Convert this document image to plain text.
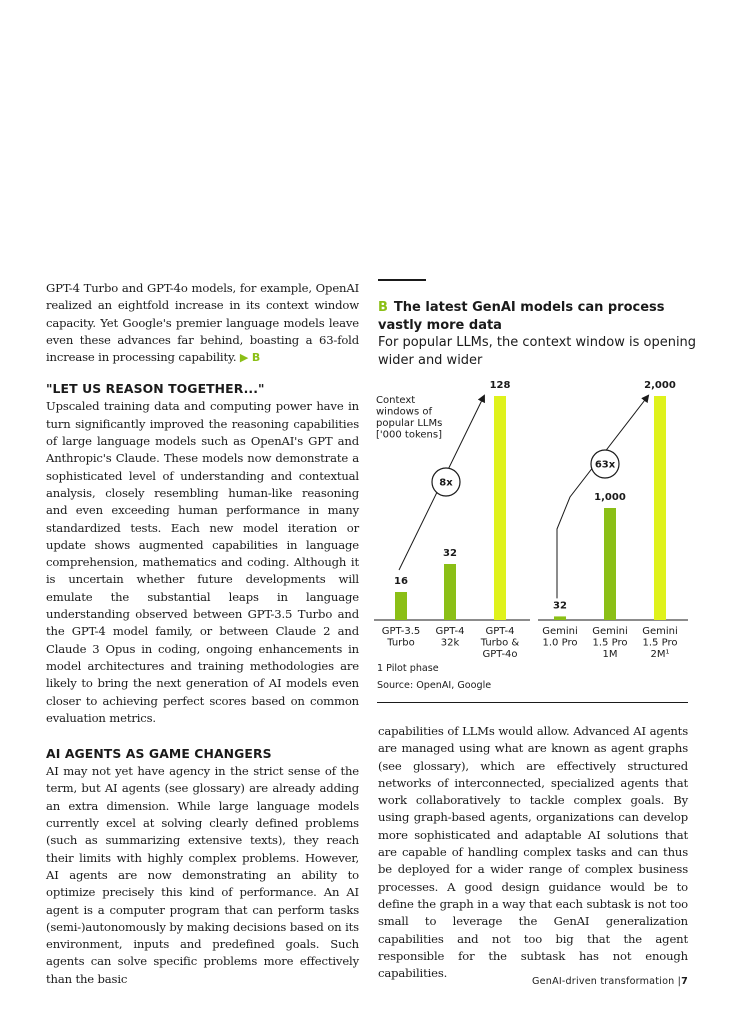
GPT-4 Turbo and GPT-4o models, for example, OpenAI realized an eightfold increase in its context window capacity. Yet Google's premier language models leave even these advances far behind, boasting a 63-fold increase in processing capability. ▶ B

"LET US REASON TOGETHER..."

Upscaled training data and computing power have in turn significantly improved the reasoning capabilities of large language models such as OpenAI's GPT and Anthropic's Claude. These models now demonstrate a sophisticated level of understanding and contextual analysis, closely resembling human-like reasoning and even exceeding human performance in many standardized tests. Each new model iteration or update shows augmented capabilities in language comprehension, mathematics and coding. Although it is uncertain whether future developments will emulate the substantial leaps in language understanding observed between GPT-3.5 Turbo and the GPT-4 model family, or between Claude 2 and Claude 3 Opus in coding, ongoing enhancements in model architectures and training methodologies are likely to bring the next generation of AI models even closer to achieving perfect scores based on common evaluation metrics.

AI AGENTS AS GAME CHANGERS

AI may not yet have agency in the strict sense of the term, but AI agents (see glossary) are already adding an extra dimension. While large language models currently excel at solving clearly defined problems (such as summarizing extensive texts), they reach their limits with highly complex problems. However, AI agents are now demonstrating an ability to optimize precisely this kind of performance. An AI agent is a computer program that can perform tasks (semi-)autonomously by making decisions based on its environment, inputs and predefined goals. Such agents can solve specific problems more effectively than the basic

B The latest GenAI models can process vastly more data
For popular LLMs, the context window is opening wider and wider
Context
windows of
popular LLMs
['000 tokens]
16
GPT-3.5
Turbo
32
GPT-4
32k
128
GPT-4
Turbo &
GPT-4o
8x
32
Gemini
1.0 Pro
1,000
Gemini
1.5 Pro
1M
2,000
Gemini
1.5 Pro
2M¹
63x
1 Pilot phase
Source: OpenAI, Google

capabilities of LLMs would allow. Advanced AI agents are managed using what are known as agent graphs (see glossary), which are effectively structured networks of interconnected, specialized agents that work collaboratively to tackle complex goals. By using graph-based agents, organizations can develop more sophisticated and adaptable AI solutions that are capable of handling complex tasks and can thus be deployed for a wider range of complex business processes. A good design guidance would be to define the graph in a way that each subtask is not too small to leverage the GenAI generalization capabilities and not too big that the agent responsible for the subtask has not enough capabilities.

GenAI-driven transformation |7
